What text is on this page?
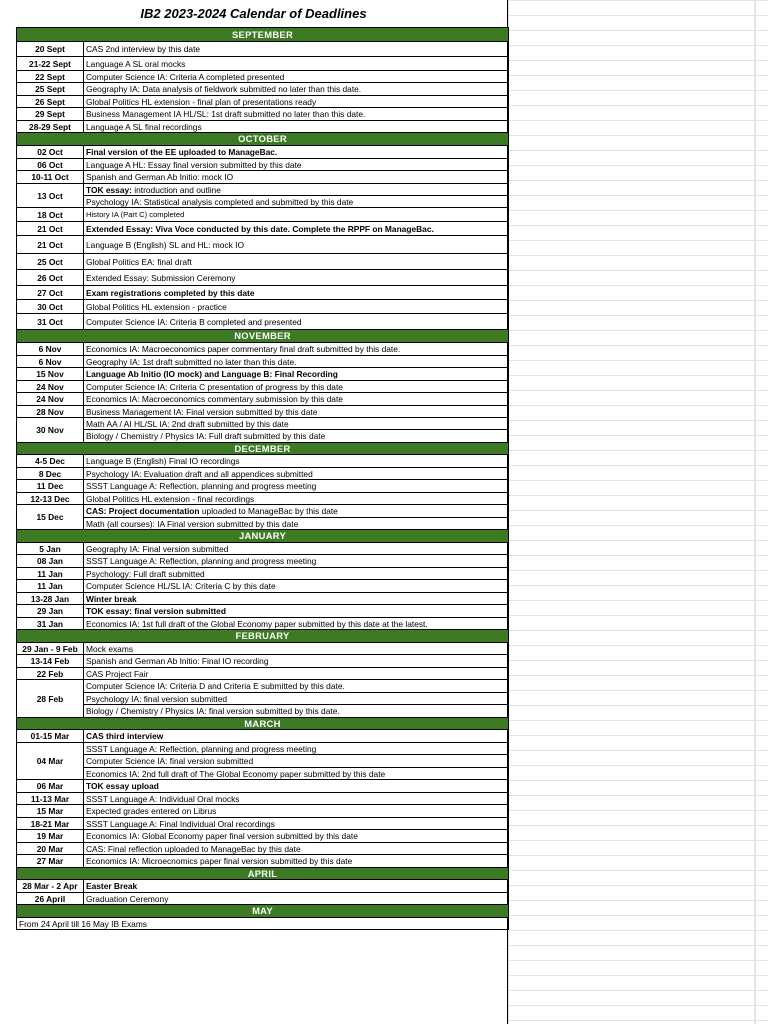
IB2 2023-2024 Calendar of Deadlines
SEPTEMBER	
20 Sept	CAS 2nd interview by this date
21-22 Sept	Language A SL oral mocks
22 Sept	Computer Science IA: Criteria A completed presented
25 Sept	Geography IA: Data analysis of fieldwork submitted no later than this date.
26 Sept	Global Politics HL extension - final plan of presentations ready
29 Sept	Business Management IA HL/SL: 1st draft submitted no later than this date.
28-29 Sept	Language A SL final recordings
OCTOBER	
02 Oct	Final version of the EE uploaded to ManageBac.
06 Oct	Language A HL: Essay final version submitted by this date
10-11 Oct	Spanish and German Ab Initio: mock IO
13 Oct	TOK essay: introduction and outline
	Psychology IA: Statistical analysis completed and submitted by this date
18 Oct	History IA (Part C) completed
21 Oct	Extended Essay: Viva Voce conducted by this date. Complete the RPPF on ManageBac.
21 Oct	Language B (English) SL and HL: mock IO
25 Oct	Global Politics EA: final draft
26 Oct	Extended Essay: Submission Ceremony
27 Oct	Exam registrations completed by this date
30 Oct	Global Politics HL extension - practice
31 Oct	Computer Science IA: Criteria B completed and presented
NOVEMBER	
6 Nov	Economics IA: Macroeconomics paper commentary final draft submitted by this date.
6 Nov	Geography IA: 1st draft submitted no later than this date.
15 Nov	Language Ab Initio (IO mock) and Language B: Final Recording
24 Nov	Computer Science IA: Criteria C presentation of progress by this date
24 Nov	Economics IA: Macroeconomics commentary submission by this date
28 Nov	Business Management IA: Final version submitted by this date
30 Nov	Math AA / AI HL/SL IA: 2nd draft submitted by this date
	Biology / Chemistry / Physics IA: Full draft submitted by this date
DECEMBER	
4-5 Dec	Language B (English) Final IO recordings
8 Dec	Psychology IA: Evaluation draft and all appendices submitted
11 Dec	SSST Language A: Reflection, planning and progress meeting
12-13 Dec	Global Politics HL extension - final recordings
15 Dec	CAS: Project documentation uploaded to ManageBac by this date
	Math (all courses): IA Final version submitted by this date
JANUARY	
5 Jan	Geography IA: Final version submitted
08 Jan	SSST Language A: Reflection, planning and progress meeting
11 Jan	Psychology: Full draft submitted
11 Jan	Computer Science HL/SL IA: Criteria C by this date
13-28 Jan	Winter break
29 Jan	TOK essay: final version submitted
31 Jan	Economics IA: 1st full draft of the Global Economy paper submitted by this date at the latest.
FEBRUARY	
29 Jan - 9 Feb	Mock exams
13-14 Feb	Spanish and German Ab Initio: Final IO recording
22 Feb	CAS Project Fair
28 Feb	Computer Science IA: Criteria D and Criteria E submitted by this date.
	Psychology IA: final version submitted
	Biology / Chemistry / Physics IA: final version submitted by this date.
MARCH	
01-15 Mar	CAS third interview
04 Mar	SSST Language A: Reflection, planning and progress meeting
	Computer Science IA: final version submitted
	Economics IA: 2nd full draft of The Global Economy paper submitted by this date
06 Mar	TOK essay upload
11-13 Mar	SSST Language A: Individual Oral mocks
15 Mar	Expected grades entered on Librus
18-21 Mar	SSST Language A: Final Individual Oral recordings
19 Mar	Economics IA: Global Economy paper final version submitted by this date
20 Mar	CAS: Final reflection uploaded to ManageBac by this date
27 Mar	Economics IA: Microecnomics paper final version submitted by this date
APRIL	
28 Mar - 2 Apr	Easter Break
26 April	Graduation Ceremony
MAY	
From 24 April till 16 May IB Exams	
